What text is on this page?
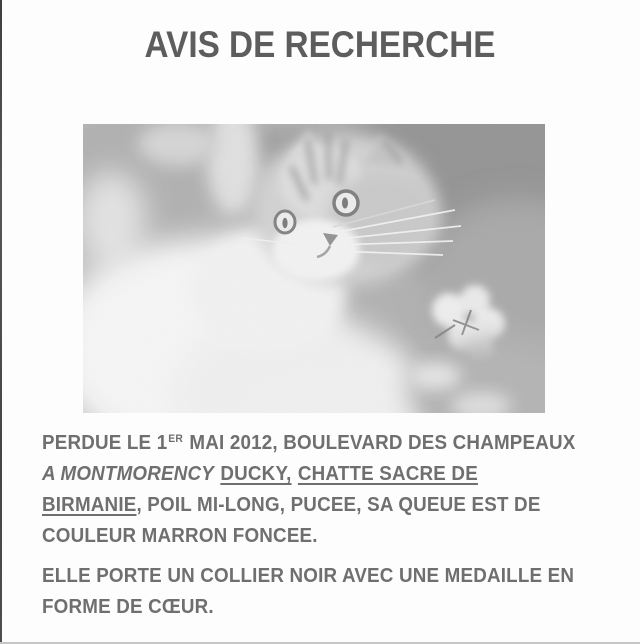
AVIS DE RECHERCHE
PERDUE LE 1 ER MAI 2012, BOULEVARD DES CHAMPEAUX
A MONTMORENCY DUCKY, CHATTE SACRE DE
BIRMANIE , POIL MI-LONG, PUCEE, SA QUEUE EST DE
COULEUR MARRON FONCEE.
ELLE PORTE UN COLLIER NOIR AVEC UNE MEDAILLE EN
FORME DE CŒUR.
